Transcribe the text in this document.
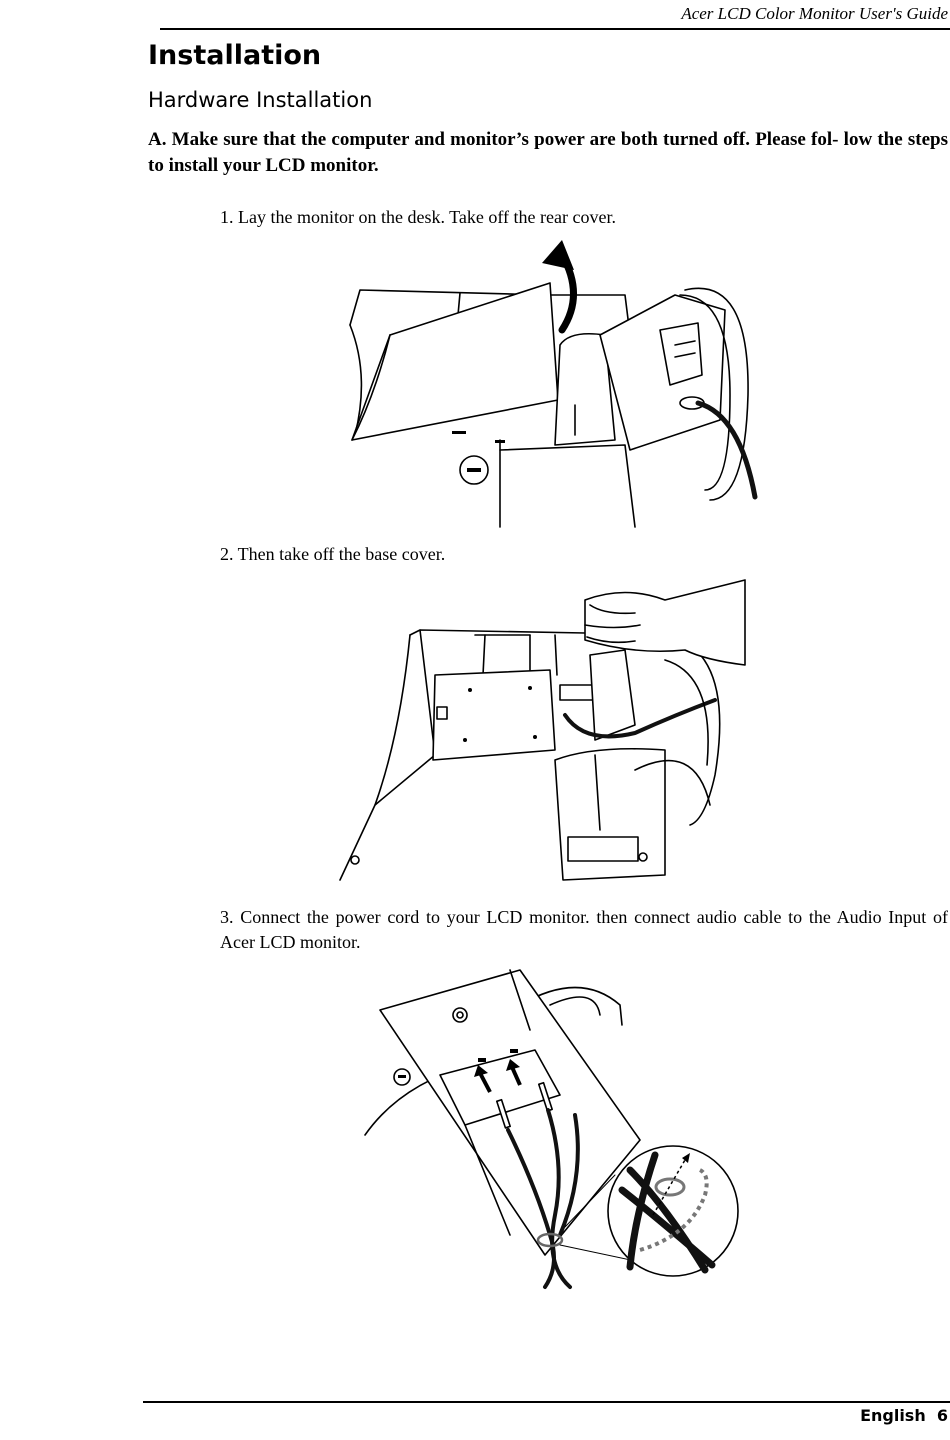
Acer LCD Color Monitor User's Guide
Installation
Hardware Installation
A. Make sure that the computer and monitor’s power are both turned off. Please fol- low the steps to install your LCD monitor.
1. Lay the monitor on the desk. Take off the rear cover.
2. Then take off the base cover.
3. Connect the power cord to your LCD monitor. then connect audio cable to the Audio Input of Acer LCD monitor.
English 6
